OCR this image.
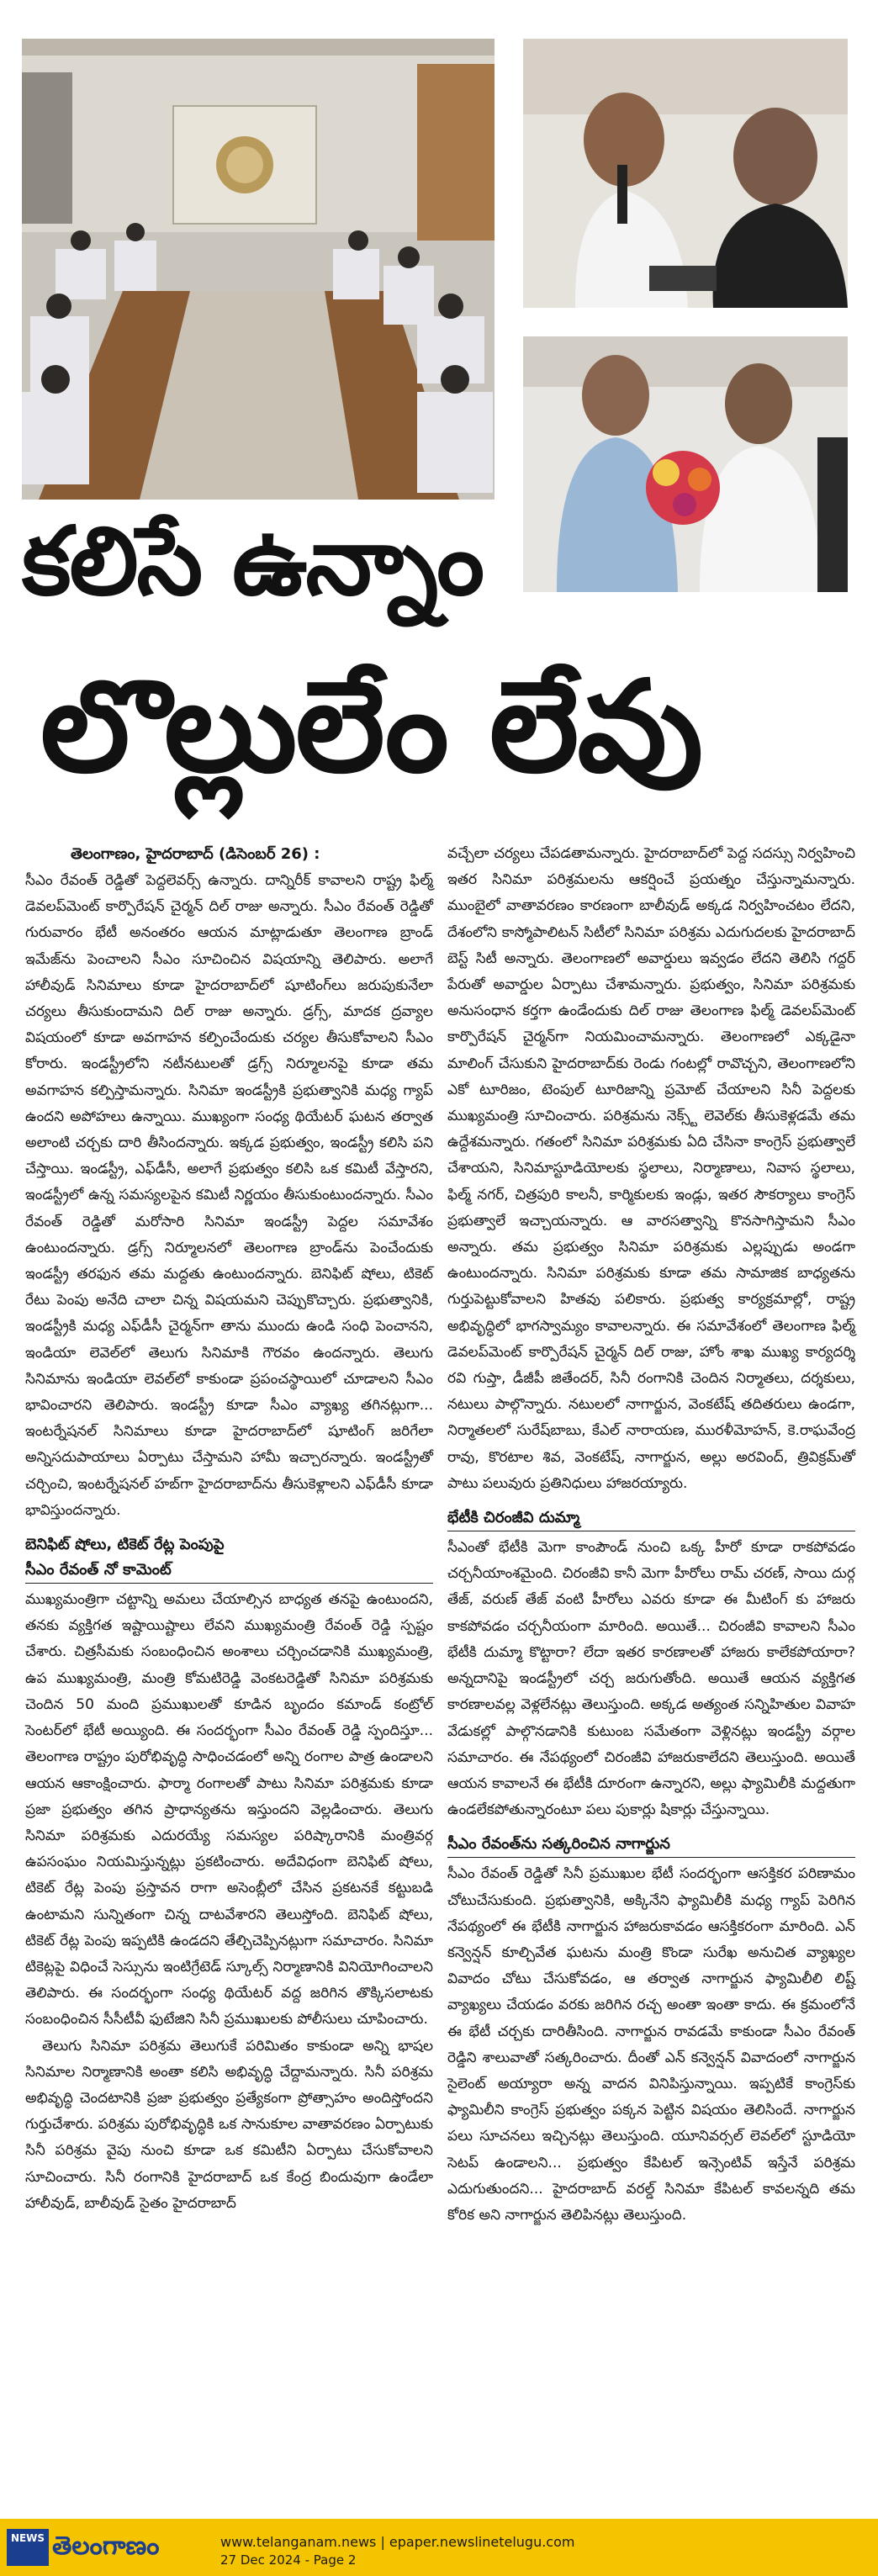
కలిసే ఉన్నాం
లొల్లులేం లేవు

తెలంగాణం, హైదరాబాద్ (డిసెంబర్ 26) :

సీఎం రేవంత్ రెడ్డితో పెద్దలెవర్స్ ఉన్నారు. దాన్నిరీక్ కావాలని రాష్ట్ర ఫిల్మ్ డెవలప్‌మెంట్ కార్పొరేషన్ చైర్మన్ దిల్ రాజు అన్నారు. సీఎం రేవంత్ రెడ్డితో గురువారం భేటీ అనంతరం ఆయన మాట్లాడుతూ తెలంగాణ బ్రాండ్ ఇమేజ్‌ను పెంచాలని సీఎం సూచించిన విషయాన్ని తెలిపారు. అలాగే హాలీవుడ్ సినిమాలు కూడా హైదరాబాద్‌లో షూటింగ్‌లు జరుపుకునేలా చర్యలు తీసుకుందామని దిల్ రాజు అన్నారు. డ్రగ్స్, మాదక ద్రవ్యాల విషయంలో కూడా అవగాహన కల్పించేందుకు చర్యల తీసుకోవాలని సీఎం కోరారు. ఇండస్ట్రీలోని నటీనటులతో డ్రగ్స్ నిర్మూలనపై కూడా తమ అవగాహన కల్పిస్తామన్నారు. సినిమా ఇండస్ట్రీకి ప్రభుత్వానికి మధ్య గ్యాప్ ఉందని అపోహలు ఉన్నాయి. ముఖ్యంగా సంధ్య థియేటర్ ఘటన తర్వాత అలాంటి చర్చకు దారి తీసిందన్నారు. ఇక్కడ ప్రభుత్వం, ఇండస్ట్రీ కలిసి పని చేస్తాయి. ఇండస్ట్రీ, ఎఫ్‌డీసీ, అలాగే ప్రభుత్వం కలిసి ఒక కమిటీ వేస్తారని, ఇండస్ట్రీలో ఉన్న సమస్యలపైన కమిటీ నిర్ణయం తీసుకుంటుందన్నారు. సీఎం రేవంత్ రెడ్డితో మరోసారి సినిమా ఇండస్ట్రీ పెద్దల సమావేశం ఉంటుందన్నారు. డ్రగ్స్ నిర్మూలనలో తెలంగాణ బ్రాండ్‌ను పెంచేందుకు ఇండస్ట్రీ తరఫున తమ మద్దతు ఉంటుందన్నారు. బెనిఫిట్ షోలు, టికెట్ రేటు పెంపు అనేది చాలా చిన్న విషయమని చెప్పుకొచ్చారు. ప్రభుత్వానికి, ఇండస్ట్రీకి మధ్య ఎఫ్‌డీసీ చైర్మన్‌గా తాను ముందు ఉండి సంధి పెంచానని, ఇండియా లెవెల్‌లో తెలుగు సినిమాకి గౌరవం ఉందన్నారు. తెలుగు సినిమాను ఇండియా లెవల్‌లో కాకుండా ప్రపంచస్థాయిలో చూడాలని సీఎం భావించారని తెలిపారు. ఇండస్ట్రీ కూడా సీఎం వ్యాఖ్య తగినట్లుగా... ఇంటర్నేషనల్ సినిమాలు కూడా హైదరాబాద్‌లో షూటింగ్ జరిగేలా అన్నిసదుపాయాలు ఏర్పాటు చేస్తామని హామీ ఇచ్చారన్నారు. ఇండస్ట్రీతో చర్చించి, ఇంటర్నేషనల్ హబ్‌గా హైదరాబాద్‌ను తీసుకెళ్లాలని ఎఫ్‌డీసీ కూడా భావిస్తుందన్నారు.

బెనిఫిట్ షోలు, టికెట్ రేట్ల పెంపుపై
సీఎం రేవంత్ నో కామెంట్

ముఖ్యమంత్రిగా చట్టాన్ని అమలు చేయాల్సిన బాధ్యత తనపై ఉంటుందని, తనకు వ్యక్తిగత ఇష్టాయిష్టాలు లేవని ముఖ్యమంత్రి రేవంత్ రెడ్డి స్పష్టం చేశారు. చిత్రసీమకు సంబంధించిన అంశాలు చర్చించడానికి ముఖ్యమంత్రి, ఉప ముఖ్యమంత్రి, మంత్రి కోమటిరెడ్డి వెంకటరెడ్డితో సినిమా పరిశ్రమకు చెందిన 50 మంది ప్రముఖులతో కూడిన బృందం కమాండ్ కంట్రోల్ సెంటర్‌లో భేటీ అయ్యింది. ఈ సందర్భంగా సీఎం రేవంత్ రెడ్డి స్పందిస్తూ... తెలంగాణ రాష్ట్రం పురోభివృద్ధి సాధించడంలో అన్ని రంగాల పాత్ర ఉండాలని ఆయన ఆకాంక్షించారు. ఫార్మా రంగాలతో పాటు సినిమా పరిశ్రమకు కూడా ప్రజా ప్రభుత్వం తగిన ప్రాధాన్యతను ఇస్తుందని వెల్లడించారు. తెలుగు సినిమా పరిశ్రమకు ఎదురయ్యే సమస్యల పరిష్కారానికి మంత్రివర్గ ఉపసంఘం నియమిస్తున్నట్లు ప్రకటించారు. అదేవిధంగా బెనిఫిట్ షోలు, టికెట్ రేట్ల పెంపు ప్రస్తావన రాగా అసెంబ్లీలో చేసిన ప్రకటనకే కట్టుబడి ఉంటామని సున్నితంగా చిన్న దాటవేశారని తెలుస్తోంది. బెనిఫిట్ షోలు, టికెట్ రేట్ల పెంపు ఇప్పటికి ఉండదని తేల్చిచెప్పినట్లుగా సమాచారం. సినిమా టికెట్లపై విధించే సెస్సును ఇంటిగ్రేటెడ్ స్కూల్స్ నిర్మాణానికి వినియోగించాలని తెలిపారు. ఈ సందర్భంగా సంధ్య థియేటర్ వద్ద జరిగిన తొక్కిసలాటకు సంబంధించిన సీసీటీవీ ఫుటేజిని సినీ ప్రముఖులకు పోలీసులు చూపించారు.

తెలుగు సినిమా పరిశ్రమ తెలుగుకే పరిమితం కాకుండా అన్ని భాషల సినిమాల నిర్మాణానికి అంతా కలిసి అభివృద్ధి చేద్దామన్నారు. సినీ పరిశ్రమ అభివృద్ధి చెందటానికి ప్రజా ప్రభుత్వం ప్రత్యేకంగా ప్రోత్సాహం అందిస్తోందని గుర్తుచేశారు. పరిశ్రమ పురోభివృద్ధికి ఒక సానుకూల వాతావరణం ఏర్పాటుకు సినీ పరిశ్రమ వైపు నుంచి కూడా ఒక కమిటీని ఏర్పాటు చేసుకోవాలని సూచించారు. సినీ రంగానికి హైదరాబాద్ ఒక కేంద్ర బిందువుగా ఉండేలా హాలీవుడ్, బాలీవుడ్ సైతం హైదరాబాద్

వచ్చేలా చర్యలు చేపడతామన్నారు. హైదరాబాద్‌లో పెద్ద సదస్సు నిర్వహించి ఇతర సినిమా పరిశ్రమలను ఆకర్షించే ప్రయత్నం చేస్తున్నామన్నారు. ముంబైలో వాతావరణం కారణంగా బాలీవుడ్ అక్కడ నిర్వహించటం లేదని, దేశంలోని కాస్మోపాలిటన్ సిటీలో సినిమా పరిశ్రమ ఎదుగుదలకు హైదరాబాద్ బెస్ట్ సిటీ అన్నారు. తెలంగాణలో అవార్డులు ఇవ్వడం లేదని తెలిసి గద్దర్ పేరుతో అవార్డుల ఏర్పాటు చేశామన్నారు. ప్రభుత్వం, సినిమా పరిశ్రమకు అనుసంధాన కర్తగా ఉండేందుకు దిల్ రాజు తెలంగాణ ఫిల్మ్ డెవలప్‌మెంట్ కార్పొరేషన్ చైర్మన్‌గా నియమించామన్నారు. తెలంగాణలో ఎక్కడైనా మాలింగ్ చేసుకుని హైదరాబాద్‌కు రెండు గంటల్లో రావొచ్చని, తెలంగాణలోని ఎకో టూరిజం, టెంపుల్ టూరిజాన్ని ప్రమోట్ చేయాలని సినీ పెద్దలకు ముఖ్యమంత్రి సూచించారు. పరిశ్రమను నెక్స్ట్ లెవెల్‌కు తీసుకెళ్లడమే తమ ఉద్దేశమన్నారు. గతంలో సినిమా పరిశ్రమకు ఏది చేసినా కాంగ్రెస్ ప్రభుత్వాలే చేశాయని, సినిమాస్టూడియోలకు స్థలాలు, నిర్మాణాలు, నివాస స్థలాలు, ఫిల్మ్ నగర్, చిత్రపురి కాలనీ, కార్మికులకు ఇండ్లు, ఇతర సౌకర్యాలు కాంగ్రెస్ ప్రభుత్వాలే ఇచ్చాయన్నారు. ఆ వారసత్వాన్ని కొనసాగిస్తామని సీఎం అన్నారు. తమ ప్రభుత్వం సినిమా పరిశ్రమకు ఎల్లప్పుడు అండగా ఉంటుందన్నారు. సినిమా పరిశ్రమకు కూడా తమ సామాజిక బాధ్యతను గుర్తుపెట్టుకోవాలని హితవు పలికారు. ప్రభుత్వ కార్యక్రమాల్లో, రాష్ట్ర అభివృద్ధిలో భాగస్వామ్యం కావాలన్నారు. ఈ సమావేశంలో తెలంగాణ ఫిల్మ్ డెవలప్‌మెంట్ కార్పొరేషన్ చైర్మన్ దిల్ రాజు, హోం శాఖ ముఖ్య కార్యదర్శి రవి గుప్తా, డీజీపీ జితేందర్, సినీ రంగానికి చెందిన నిర్మాతలు, దర్శకులు, నటులు పాల్గొన్నారు. నటులలో నాగార్జున, వెంకటేష్ తదితరులు ఉండగా, నిర్మాతలలో సురేష్‌బాబు, కేఎల్ నారాయణ, మురళీమోహన్, కె.రాఘవేంద్ర రావు, కొరటాల శివ, వెంకటేష్, నాగార్జున, అల్లు అరవింద్, త్రివిక్రమ్‌తో పాటు పలువురు ప్రతినిధులు హాజరయ్యారు.

భేటీకి చిరంజీవి దుమ్మా

సీఎంతో భేటీకి మెగా కాంపౌండ్ నుంచి ఒక్క హీరో కూడా రాకపోవడం చర్చనీయాంశమైంది. చిరంజీవి కానీ మెగా హీరోలు రామ్ చరణ్, సాయి దుర్గ తేజ్, వరుణ్ తేజ్ వంటి హీరోలు ఎవరు కూడా ఈ మీటింగ్ కు హాజరు కాకపోవడం చర్చనీయంగా మారింది. అయితే... చిరంజీవి కావాలని సీఎం భేటీకి దుమ్మా కొట్టారా? లేదా ఇతర కారణాలతో హాజరు కాలేకపోయారా? అన్నదానిపై ఇండస్ట్రీలో చర్చ జరుగుతోంది. అయితే ఆయన వ్యక్తిగత కారణాలవల్ల వెళ్లలేనట్లు తెలుస్తుంది. అక్కడ అత్యంత సన్నిహితుల వివాహ వేడుకల్లో పాల్గొనడానికి కుటుంబ సమేతంగా వెళ్లినట్లు ఇండస్ట్రీ వర్గాల సమాచారం. ఈ నేపథ్యంలో చిరంజీవి హాజరుకాలేదని తెలుస్తుంది. అయితే ఆయన కావాలనే ఈ భేటీకి దూరంగా ఉన్నారని, అల్లు ఫ్యామిలీకి మద్దతుగా ఉండలేకపోతున్నారంటూ పలు పుకార్లు షికార్లు చేస్తున్నాయి.

సీఎం రేవంత్‌ను సత్కరించిన నాగార్జున

సీఎం రేవంత్ రెడ్డితో సినీ ప్రముఖుల భేటీ సందర్భంగా ఆసక్తికర పరిణామం చోటుచేసుకుంది. ప్రభుత్వానికి, అక్కినేని ఫ్యామిలీకి మధ్య గ్యాప్ పెరిగిన నేపథ్యంలో ఈ భేటీకి నాగార్జున హాజరుకావడం ఆసక్తికరంగా మారింది. ఎన్ కన్వెన్షన్ కూల్చివేత ఘటను మంత్రి కొండా సురేఖ అనుచిత వ్యాఖ్యల వివాదం చోటు చేసుకోవడం, ఆ తర్వాత నాగార్జున ఫ్యామిలీలి లిష్ట్ వ్యాఖ్యలు చేయడం వరకు జరిగిన రచ్చ అంతా ఇంతా కాదు. ఈ క్రమంలోనే ఈ భేటీ చర్చకు దారితీసింది. నాగార్జున రావడమే కాకుండా సీఎం రేవంత్ రెడ్డిని శాలువాతో సత్కరించారు. దీంతో ఎన్ కన్వెన్షన్ వివాదంలో నాగార్జున సైలెంట్ అయ్యారా అన్న వాదన వినిపిస్తున్నాయి. ఇప్పటికే కాంగ్రెస్‌కు ఫ్యామిలీని కాంగ్రెస్ ప్రభుత్వం పక్కన పెట్టిన విషయం తెలిసిందే. నాగార్జున పలు సూచనలు ఇచ్చినట్లు తెలుస్తుంది. యూనివర్సల్ లెవల్‌లో స్టూడియో సెటప్ ఉండాలని... ప్రభుత్వం కేపిటల్ ఇన్సెంటివ్ ఇస్తేనే పరిశ్రమ ఎదుగుతుందని... హైదరాబాద్ వరల్డ్ సినిమా కేపిటల్ కావలన్నది తమ కోరిక అని నాగార్జున తెలిపినట్లు తెలుస్తుంది.

NEWS తెలంగాణం	www.telanganam.news | epaper.newslinetelugu.com
27 Dec 2024 - Page 2
